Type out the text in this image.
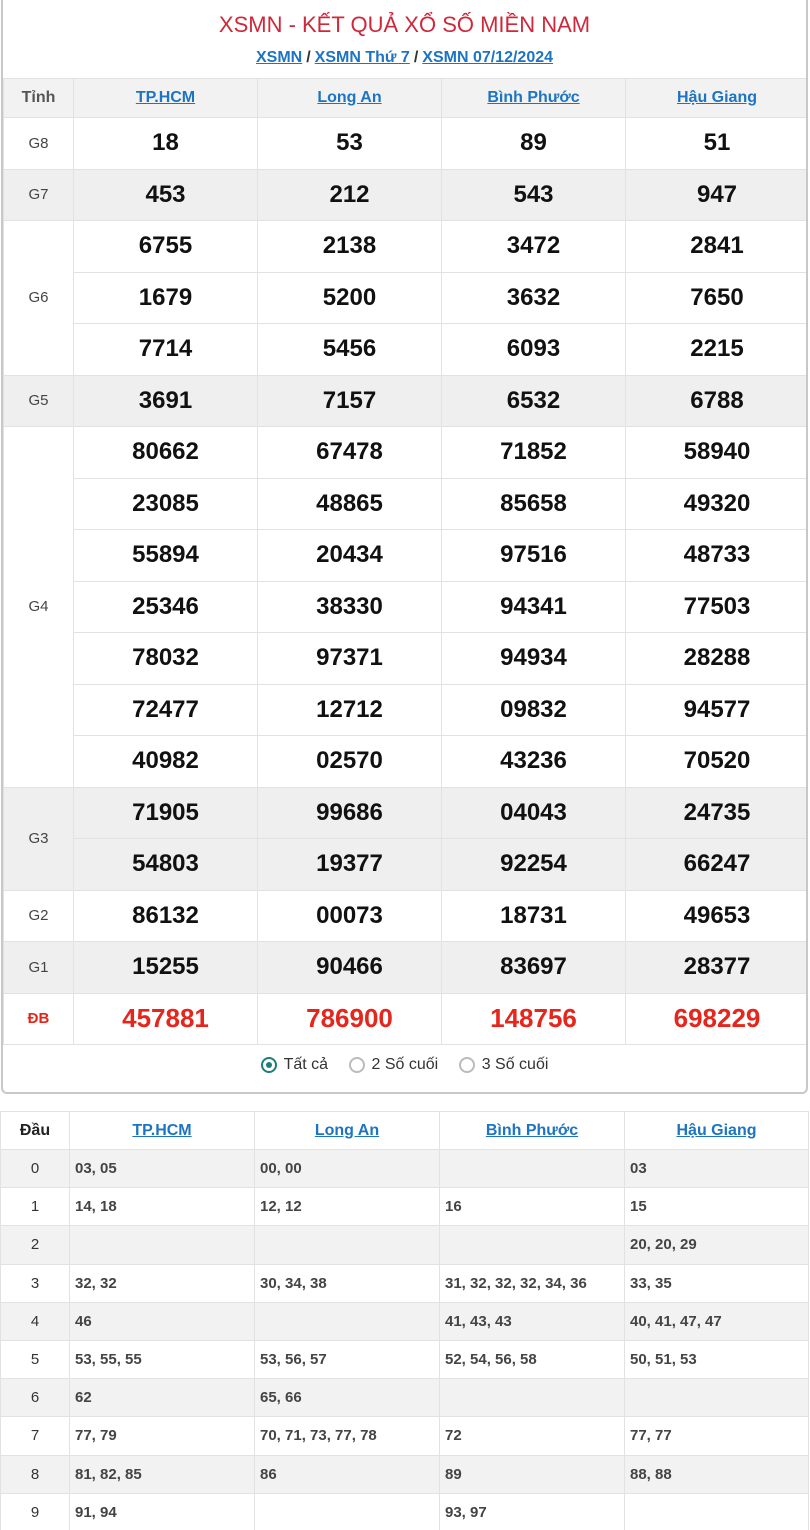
XSMN - KẾT QUẢ XỔ SỐ MIỀN NAM
XSMN / XSMN Thứ 7 / XSMN 07/12/2024
Tỉnh	TP.HCM	Long An	Bình Phước	Hậu Giang
G8	18	53	89	51
G7	453	212	543	947
G6	6755	2138	3472	2841
	1679	5200	3632	7650
	7714	5456	6093	2215
G5	3691	7157	6532	6788
G4	80662	67478	71852	58940
	23085	48865	85658	49320
	55894	20434	97516	48733
	25346	38330	94341	77503
	78032	97371	94934	28288
	72477	12712	09832	94577
	40982	02570	43236	70520
G3	71905	99686	04043	24735
	54803	19377	92254	66247
G2	86132	00073	18731	49653
G1	15255	90466	83697	28377
ĐB	457881	786900	148756	698229
Tất cả
	2 Số cuối
	3 Số cuối
Đầu	TP.HCM	Long An	Bình Phước	Hậu Giang
0	03, 05	00, 00		03
1	14, 18	12, 12	16	15
2				20, 20, 29
3	32, 32	30, 34, 38	31, 32, 32, 32, 34, 36	33, 35
4	46		41, 43, 43	40, 41, 47, 47
5	53, 55, 55	53, 56, 57	52, 54, 56, 58	50, 51, 53
6	62	65, 66		
7	77, 79	70, 71, 73, 77, 78	72	77, 77
8	81, 82, 85	86	89	88, 88
9	91, 94		93, 97	
